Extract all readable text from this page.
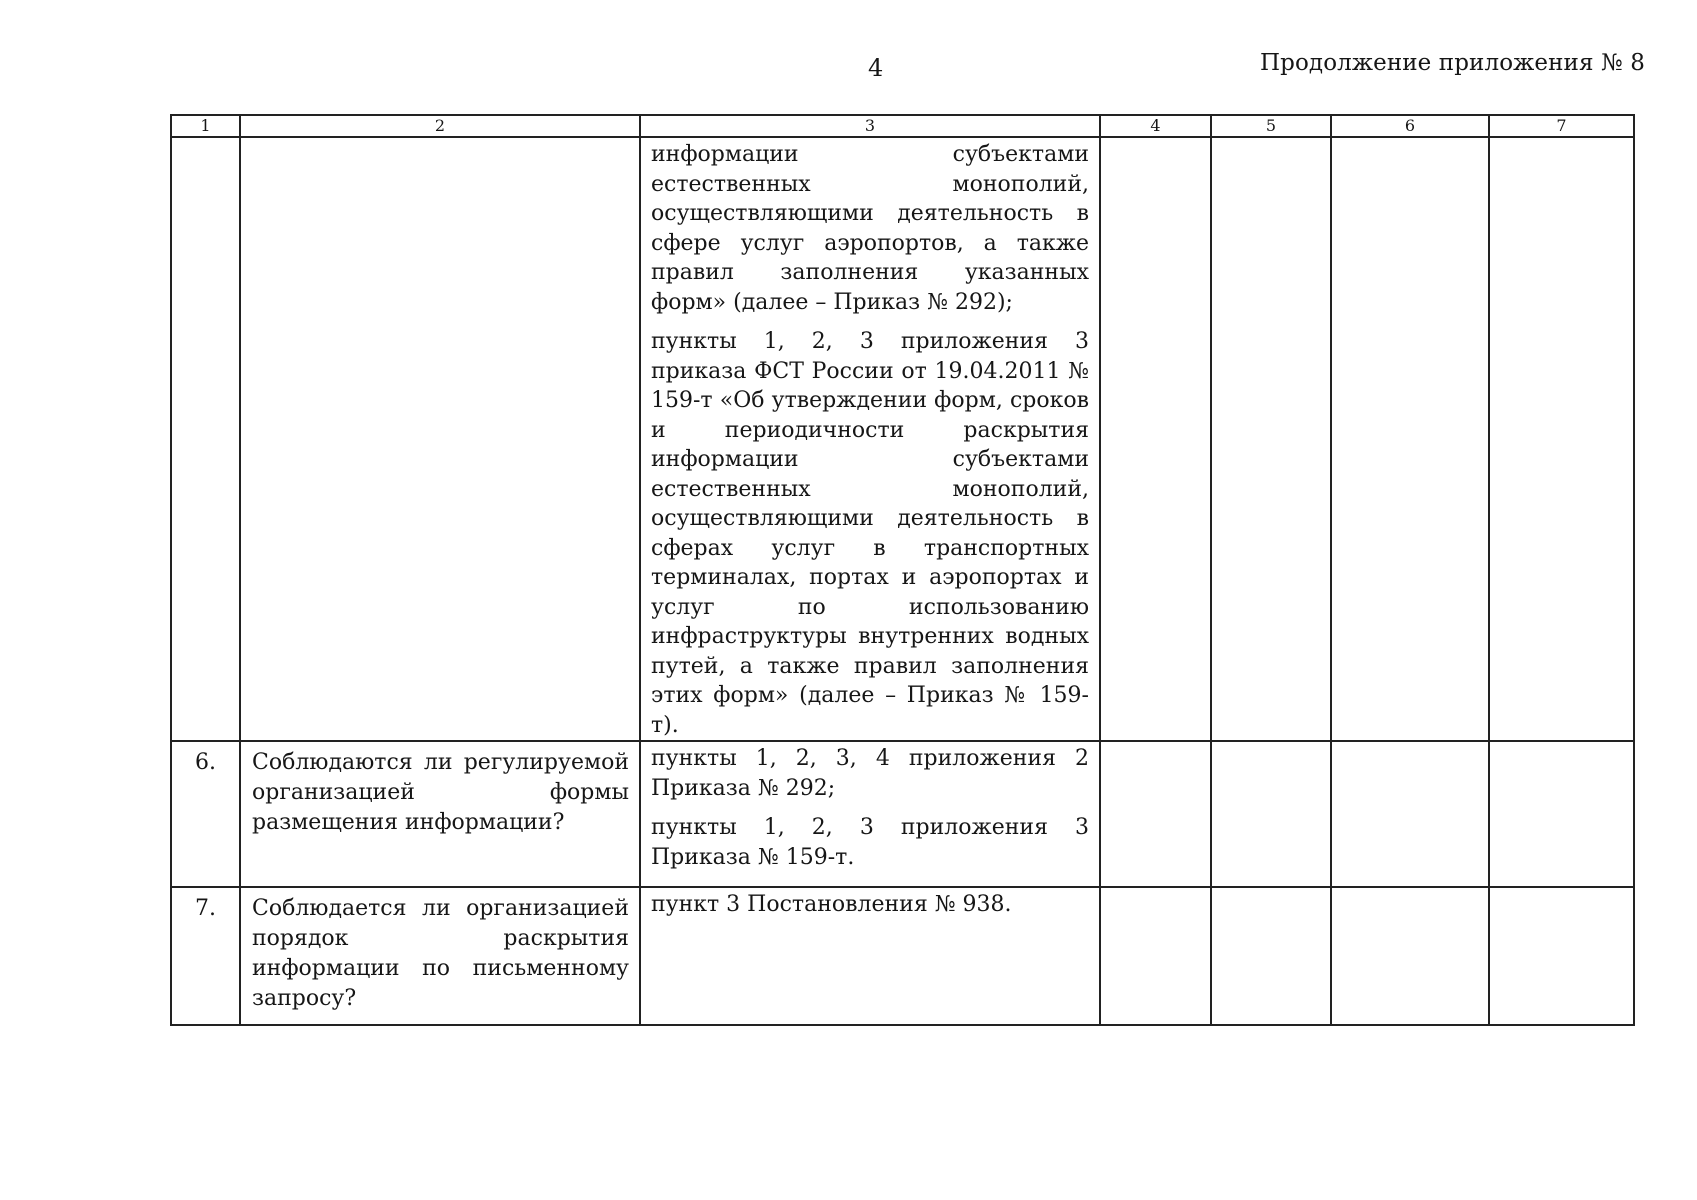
4	Продолжение приложения № 8
1	2	3	4	5	6	7

		информации субъектами естественных монополий, осуществляющими деятельность в сфере услуг аэропортов, а также правил заполнения указанных форм» (далее – Приказ № 292);

пункты 1, 2, 3 приложения 3 приказа ФСТ России от 19.04.2011 № 159-т «Об утверждении форм, сроков и периодичности раскрытия информации субъектами естественных монополий, осуществляющими деятельность в сферах услуг в транспортных терминалах, портах и аэропортах и услуг по использованию инфраструктуры внутренних водных путей, а также правил заполнения этих форм» (далее – Приказ № 159-т).				

6.	Соблюдаются ли регулируемой организацией формы размещения информации?	пункты 1, 2, 3, 4 приложения 2 Приказа № 292;

пункты 1, 2, 3 приложения 3 Приказа № 159-т.				

7.	Соблюдается ли организацией порядок раскрытия информации по письменному запросу?	пункт 3 Постановления № 938.				
